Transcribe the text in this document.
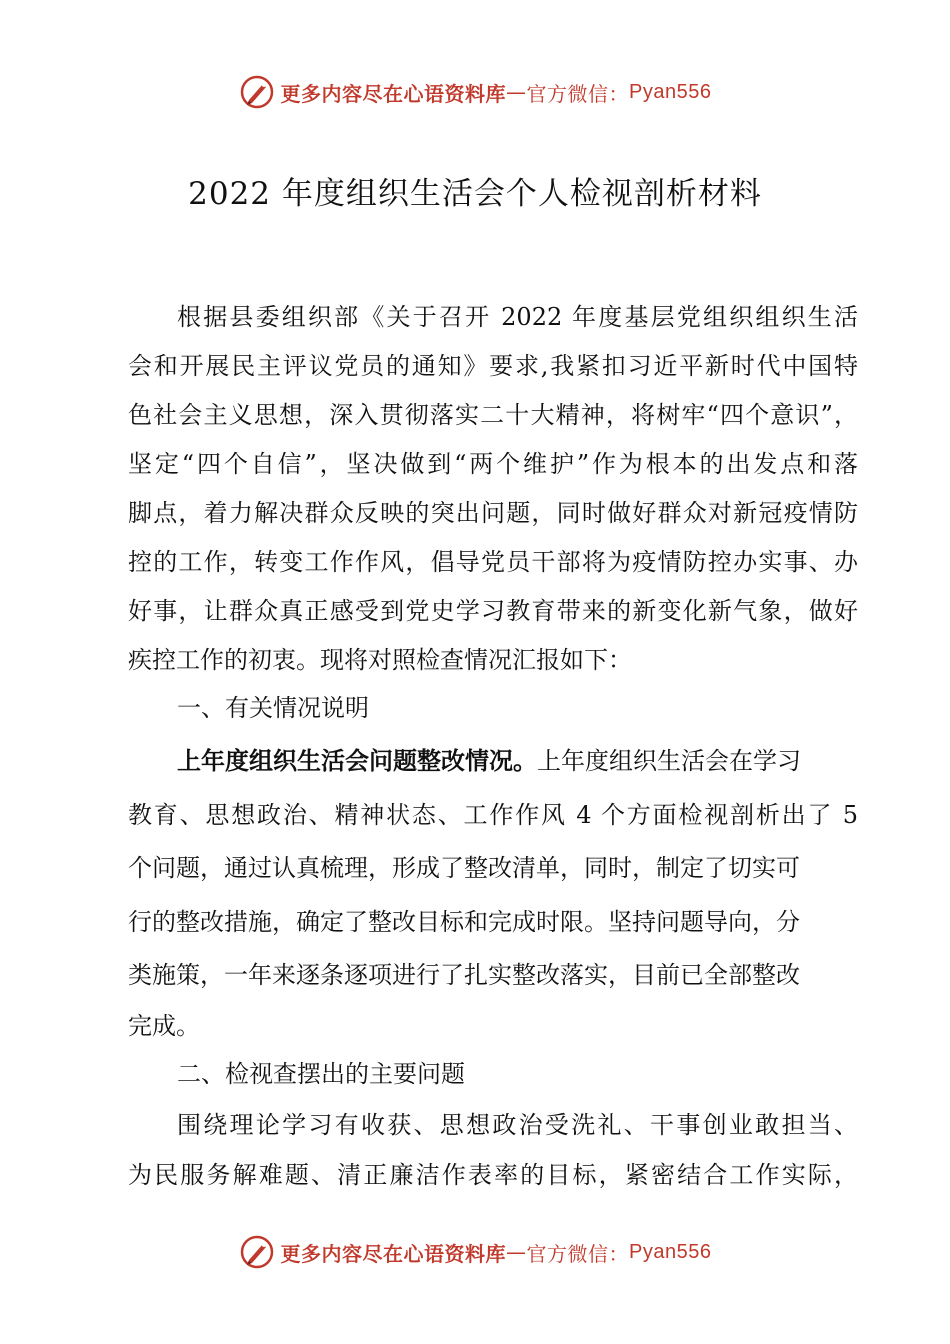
更多内容尽在心语资料库 — 官方微信： Pyan556
2022 年度组织生活会个人检视剖析材料
根据县委组织部《关于召开 2022 年度基层党组织组织生活
会和开展民主评议党员的通知》要求,我紧扣习近平新时代中国特
色社会主义思想，深入贯彻落实二十大精神，将树牢“四个意识”，
坚定“四个自信”，坚决做到“两个维护”作为根本的出发点和落
脚点，着力解决群众反映的突出问题，同时做好群众对新冠疫情防
控的工作，转变工作作风，倡导党员干部将为疫情防控办实事、办
好事，让群众真正感受到党史学习教育带来的新变化新气象，做好
疾控工作的初衷。现将对照检查情况汇报如下：
一、有关情况说明
上年度组织生活会问题整改情况。上年度组织生活会在学习
教育、思想政治、精神状态、工作作风 4 个方面检视剖析出了 5
个问题，通过认真梳理，形成了整改清单，同时，制定了切实可
行的整改措施，确定了整改目标和完成时限。坚持问题导向，分
类施策，一年来逐条逐项进行了扎实整改落实，目前已全部整改
完成。
二、检视查摆出的主要问题
围绕理论学习有收获、思想政治受洗礼、干事创业敢担当、
为民服务解难题、清正廉洁作表率的目标，紧密结合工作实际，
更多内容尽在心语资料库 — 官方微信： Pyan556
